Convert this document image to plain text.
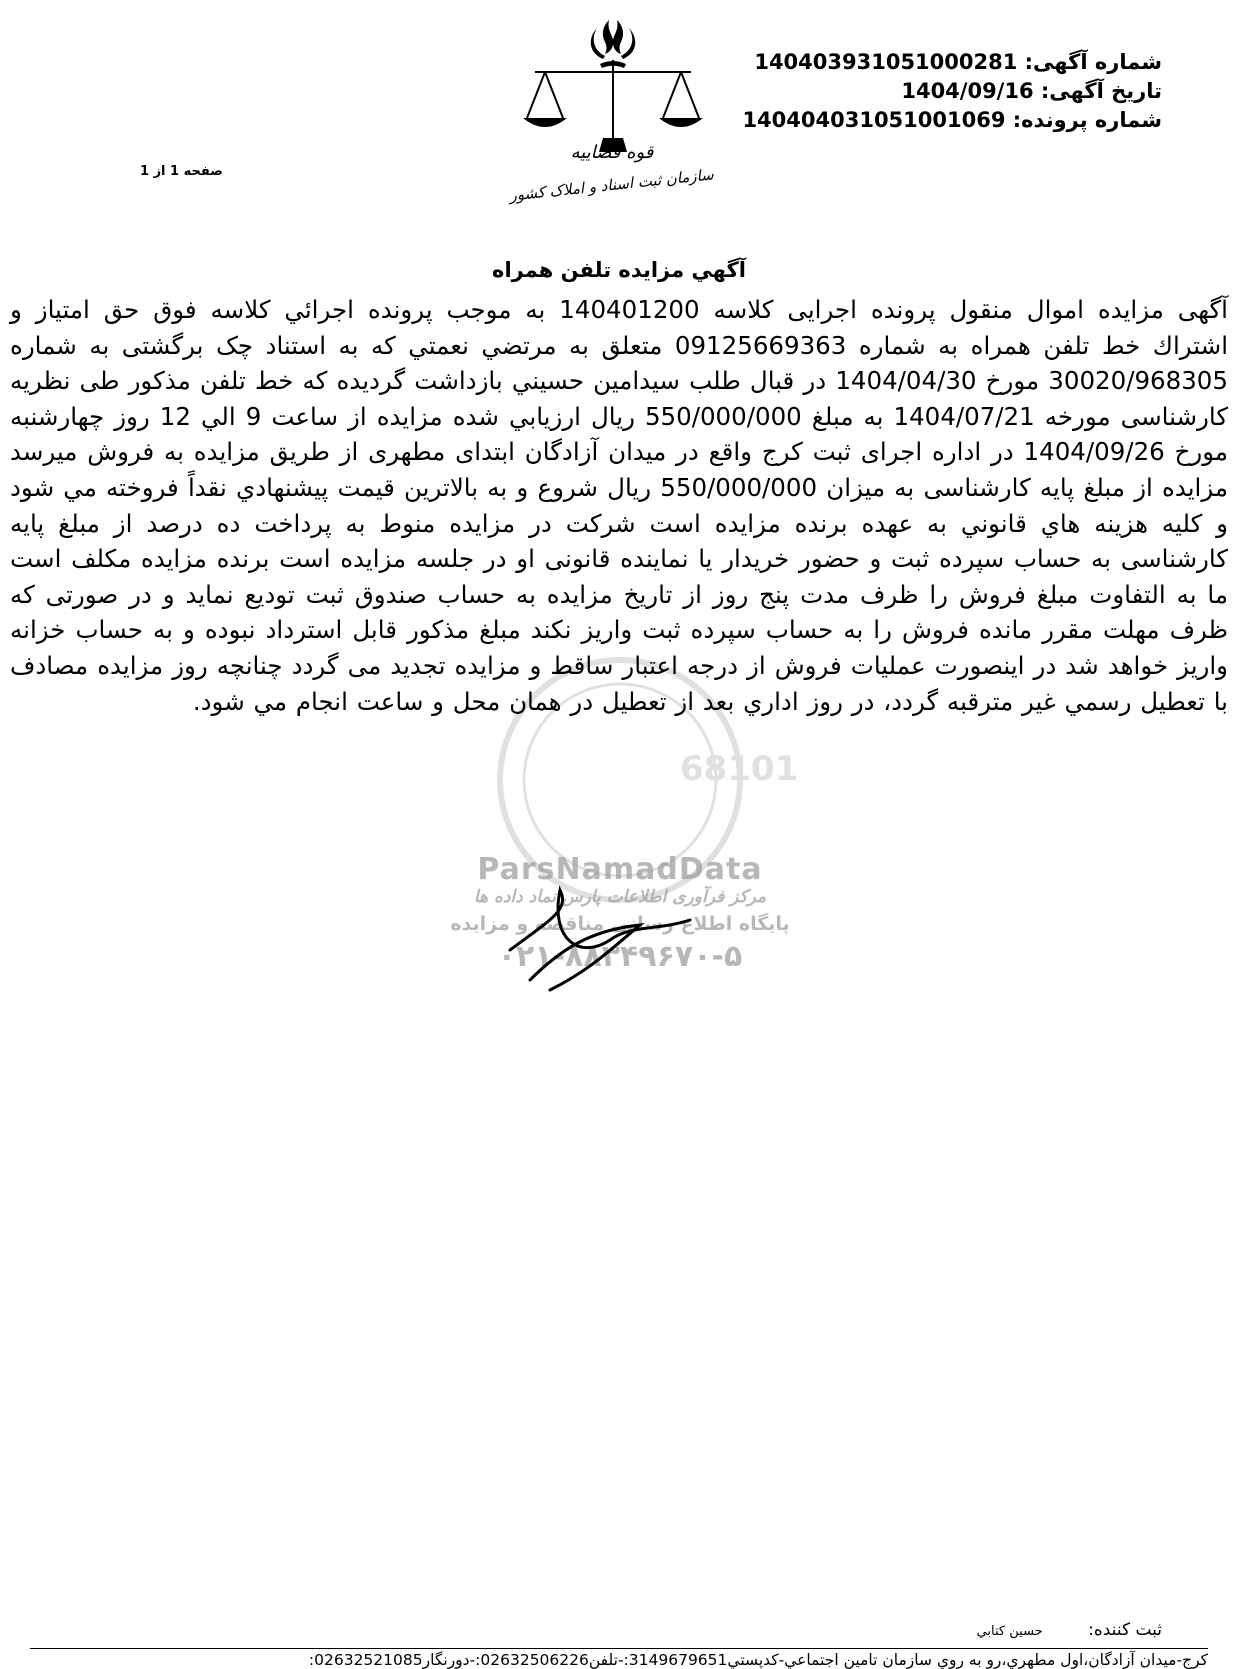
قوه قضاییه
سازمان ثبت اسناد و املاک کشور
شماره آگهی: 140403931051000281
تاریخ آگهی: 1404/09/16
شماره پرونده: 140404031051001069
صفحه 1 از 1
آگهي مزايده تلفن همراه
68101
ParsNamadData
مرکز فرآوری اطلاعات پارس نماد داده ها
پایگاه اطلاع رسانی مناقصه و مزایده
۰۲۱-۸۸۳۴۹۶۷۰-۵

آگهی مزایده اموال منقول پرونده اجرایی کلاسه 140401200 به موجب پرونده اجرائي کلاسه فوق حق امتياز و اشتراك خط تلفن همراه به شماره 09125669363 متعلق به مرتضي نعمتي که به استناد چک برگشتی به شماره 30020/968305 مورخ 1404/04/30 در قبال طلب سیدامین حسيني بازداشت گرديده که خط تلفن مذکور طی نظریه کارشناسی مورخه 1404/07/21 به مبلغ 550/000/000 ريال ارزيابي شده مزايده از ساعت 9 الي 12 روز چهارشنبه مورخ 1404/09/26 در اداره اجرای ثبت کرج واقع در میدان آزادگان ابتدای مطهری از طریق مزایده به فروش میرسد مزایده از مبلغ پایه کارشناسی به میزان 550/000/000 ریال شروع و به بالاترين قیمت پیشنهادي نقداً فروخته مي شود و کليه هزينه هاي قانوني به عهده برنده مزايده است شرکت در مزایده منوط به پرداخت ده درصد از مبلغ پایه کارشناسی به حساب سپرده ثبت و حضور خریدار یا نماینده قانونی او در جلسه مزایده است برنده مزایده مکلف است ما به التفاوت مبلغ فروش را ظرف مدت پنج روز از تاریخ مزایده به حساب صندوق ثبت تودیع نماید و در صورتی که ظرف مهلت مقرر مانده فروش را به حساب سپرده ثبت واریز نکند مبلغ مذکور قابل استرداد نبوده و به حساب خزانه واریز خواهد شد در اینصورت عملیات فروش از درجه اعتبار ساقط و مزایده تجدید می گردد چنانچه روز مزایده مصادف با تعطيل رسمي غير مترقبه گردد، در روز اداري بعد از تعطيل در همان محل و ساعت انجام مي شود.

ثبت کننده: حسين كتابي
کرج-میدان آزادگان،اول مطهري،رو به روي سازمان تامين اجتماعي-کدپستي3149679651:-تلفن02632506226:-دورنگار02632521085:
